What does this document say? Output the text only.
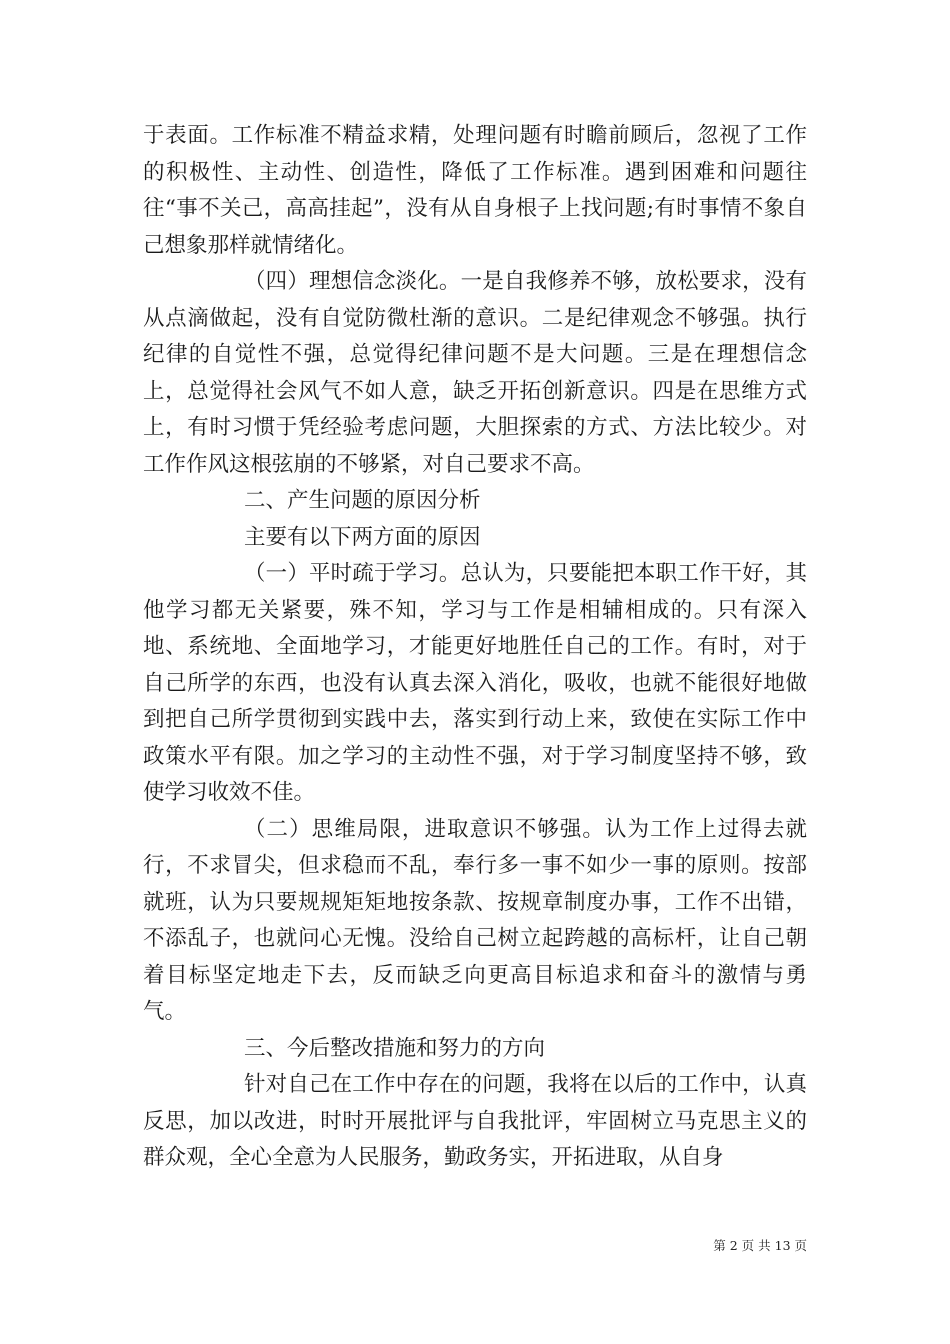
于表面。工作标准不精益求精，处理问题有时瞻前顾后，忽视了工作的积极性、主动性、创造性，降低了工作标准。遇到困难和问题往往“事不关己，高高挂起”，没有从自身根子上找问题;有时事情不象自己想象那样就情绪化。

（四）理想信念淡化。一是自我修养不够，放松要求，没有从点滴做起，没有自觉防微杜渐的意识。二是纪律观念不够强。执行纪律的自觉性不强，总觉得纪律问题不是大问题。三是在理想信念上，总觉得社会风气不如人意，缺乏开拓创新意识。四是在思维方式上，有时习惯于凭经验考虑问题，大胆探索的方式、方法比较少。对工作作风这根弦崩的不够紧，对自己要求不高。

二、产生问题的原因分析

主要有以下两方面的原因

（一）平时疏于学习。总认为，只要能把本职工作干好，其他学习都无关紧要，殊不知，学习与工作是相辅相成的。只有深入地、系统地、全面地学习，才能更好地胜任自己的工作。有时，对于自己所学的东西，也没有认真去深入消化，吸收，也就不能很好地做到把自己所学贯彻到实践中去，落实到行动上来，致使在实际工作中政策水平有限。加之学习的主动性不强，对于学习制度坚持不够，致使学习收效不佳。

（二）思维局限，进取意识不够强。认为工作上过得去就行，不求冒尖，但求稳而不乱，奉行多一事不如少一事的原则。按部就班，认为只要规规矩矩地按条款、按规章制度办事，工作不出错，不添乱子，也就问心无愧。没给自己树立起跨越的高标杆，让自己朝着目标坚定地走下去，反而缺乏向更高目标追求和奋斗的激情与勇气。

三、今后整改措施和努力的方向

针对自己在工作中存在的问题，我将在以后的工作中，认真反思，加以改进，时时开展批评与自我批评，牢固树立马克思主义的群众观，全心全意为人民服务，勤政务实，开拓进取，从自身

第 2 页 共 13 页
